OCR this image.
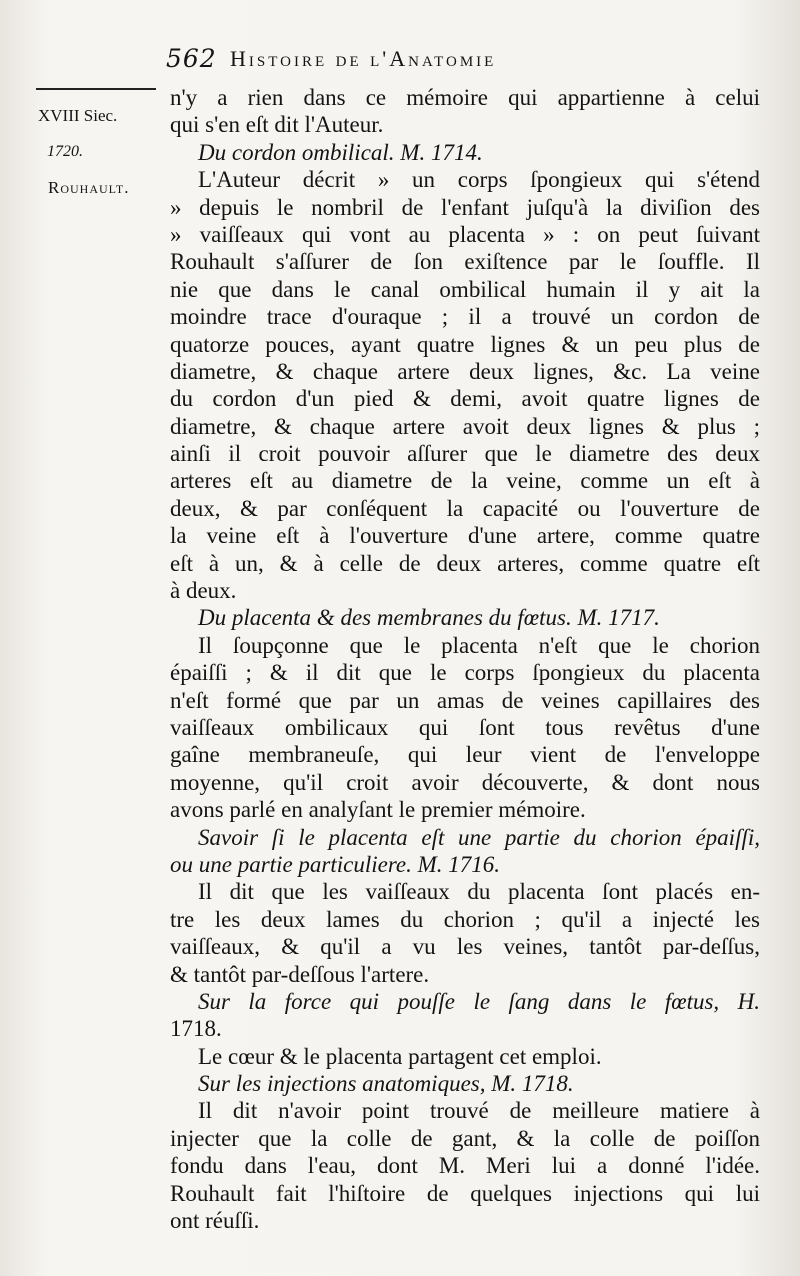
562 Histoire de l'Anatomie
XVIII Siec.
1720.
Rouhault.
n'y a rien dans ce mémoire qui appartienne à celui
qui s'en eſt dit l'Auteur.
Du cordon ombilical. M. 1714.
L'Auteur décrit » un corps ſpongieux qui s'étend
» depuis le nombril de l'enfant juſqu'à la diviſion des
» vaiſſeaux qui vont au placenta » : on peut ſuivant
Rouhault s'aſſurer de ſon exiſtence par le ſouffle. Il
nie que dans le canal ombilical humain il y ait la
moindre trace d'ouraque ; il a trouvé un cordon de
quatorze pouces, ayant quatre lignes & un peu plus de
diametre, & chaque artere deux lignes, &c. La veine
du cordon d'un pied & demi, avoit quatre lignes de
diametre, & chaque artere avoit deux lignes & plus ;
ainſi il croit pouvoir aſſurer que le diametre des deux
arteres eſt au diametre de la veine, comme un eſt à
deux, & par conſéquent la capacité ou l'ouverture de
la veine eſt à l'ouverture d'une artere, comme quatre
eſt à un, & à celle de deux arteres, comme quatre eſt
à deux.
Du placenta & des membranes du fœtus. M. 1717.
Il ſoupçonne que le placenta n'eſt que le chorion
épaiſſi ; & il dit que le corps ſpongieux du placenta
n'eſt formé que par un amas de veines capillaires des
vaiſſeaux ombilicaux qui ſont tous revêtus d'une
gaîne membraneuſe, qui leur vient de l'enveloppe
moyenne, qu'il croit avoir découverte, & dont nous
avons parlé en analyſant le premier mémoire.
Savoir ſi le placenta eſt une partie du chorion épaiſſi,
ou une partie particuliere. M. 1716.
Il dit que les vaiſſeaux du placenta ſont placés en-
tre les deux lames du chorion ; qu'il a injecté les
vaiſſeaux, & qu'il a vu les veines, tantôt par-deſſus,
& tantôt par-deſſous l'artere.
Sur la force qui pouſſe le ſang dans le fœtus, H.
1718.
Le cœur & le placenta partagent cet emploi.
Sur les injections anatomiques, M. 1718.
Il dit n'avoir point trouvé de meilleure matiere à
injecter que la colle de gant, & la colle de poiſſon
fondu dans l'eau, dont M. Meri lui a donné l'idée.
Rouhault fait l'hiſtoire de quelques injections qui lui
ont réuſſi.
